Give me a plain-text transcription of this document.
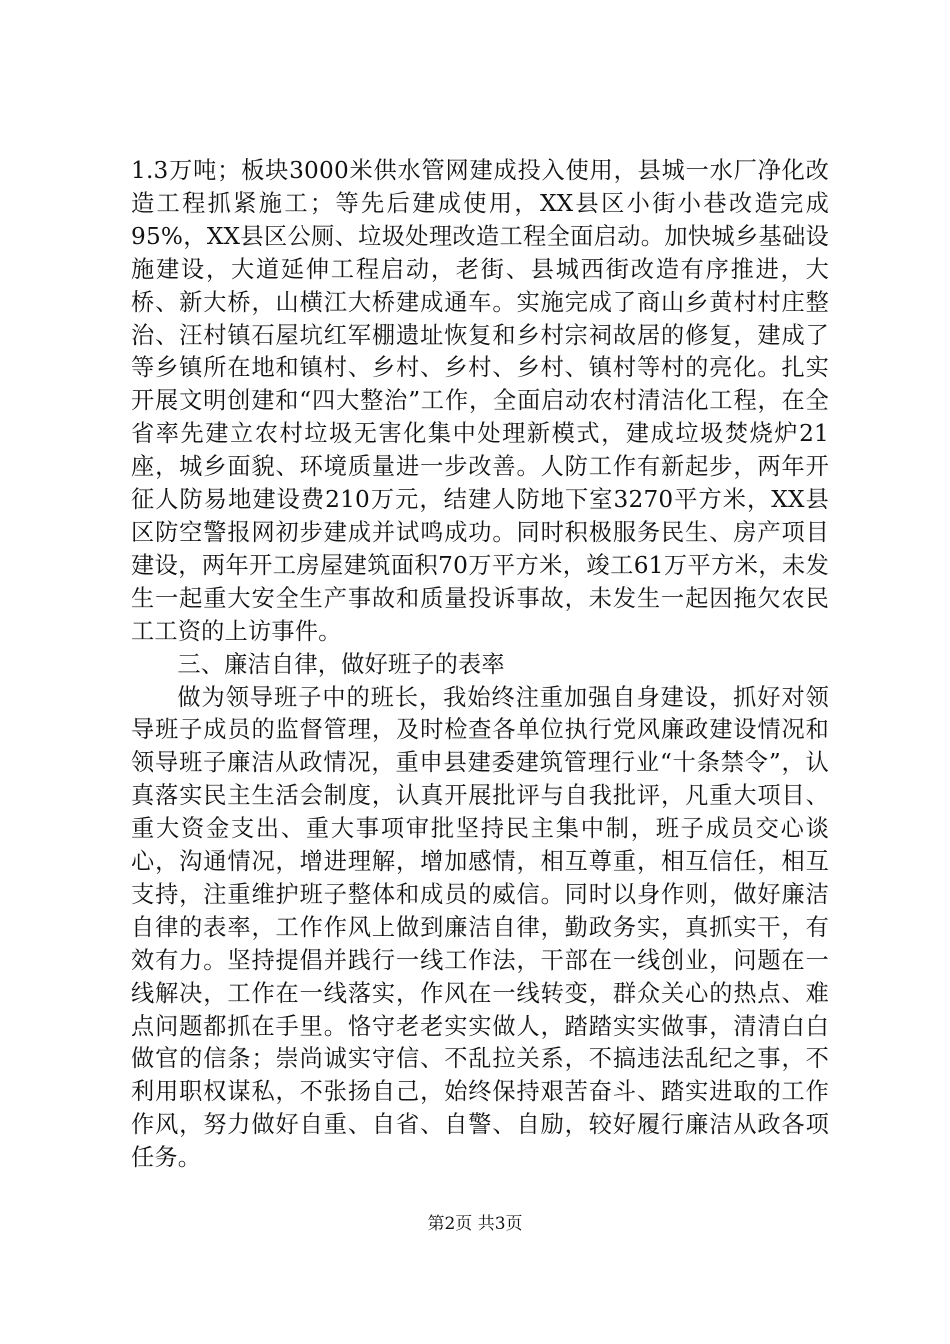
1.3万吨；板块3000米供水管网建成投入使用，县城一水厂净化改造工程抓紧施工；等先后建成使用，XX县区小街小巷改造完成95%，XX县区公厕、垃圾处理改造工程全面启动。加快城乡基础设施建设，大道延伸工程启动，老街、县城西街改造有序推进，大桥、新大桥，山横江大桥建成通车。实施完成了商山乡黄村村庄整治、汪村镇石屋坑红军棚遗址恢复和乡村宗祠故居的修复，建成了等乡镇所在地和镇村、乡村、乡村、乡村、镇村等村的亮化。扎实开展文明创建和“四大整治”工作，全面启动农村清洁化工程，在全省率先建立农村垃圾无害化集中处理新模式，建成垃圾焚烧炉21座，城乡面貌、环境质量进一步改善。人防工作有新起步，两年开征人防易地建设费210万元，结建人防地下室3270平方米，XX县区防空警报网初步建成并试鸣成功。同时积极服务民生、房产项目建设，两年开工房屋建筑面积70万平方米，竣工61万平方米，未发生一起重大安全生产事故和质量投诉事故，未发生一起因拖欠农民工工资的上访事件。

三、廉洁自律，做好班子的表率

做为领导班子中的班长，我始终注重加强自身建设，抓好对领导班子成员的监督管理，及时检查各单位执行党风廉政建设情况和领导班子廉洁从政情况，重申县建委建筑管理行业“十条禁令”，认真落实民主生活会制度，认真开展批评与自我批评，凡重大项目、重大资金支出、重大事项审批坚持民主集中制，班子成员交心谈心，沟通情况，增进理解，增加感情，相互尊重，相互信任，相互支持，注重维护班子整体和成员的威信。同时以身作则，做好廉洁自律的表率，工作作风上做到廉洁自律，勤政务实，真抓实干，有效有力。坚持提倡并践行一线工作法，干部在一线创业，问题在一线解决，工作在一线落实，作风在一线转变，群众关心的热点、难点问题都抓在手里。恪守老老实实做人，踏踏实实做事，清清白白做官的信条；崇尚诚实守信、不乱拉关系，不搞违法乱纪之事，不利用职权谋私，不张扬自己，始终保持艰苦奋斗、踏实进取的工作作风，努力做好自重、自省、自警、自励，较好履行廉洁从政各项任务。

第2页 共3页
